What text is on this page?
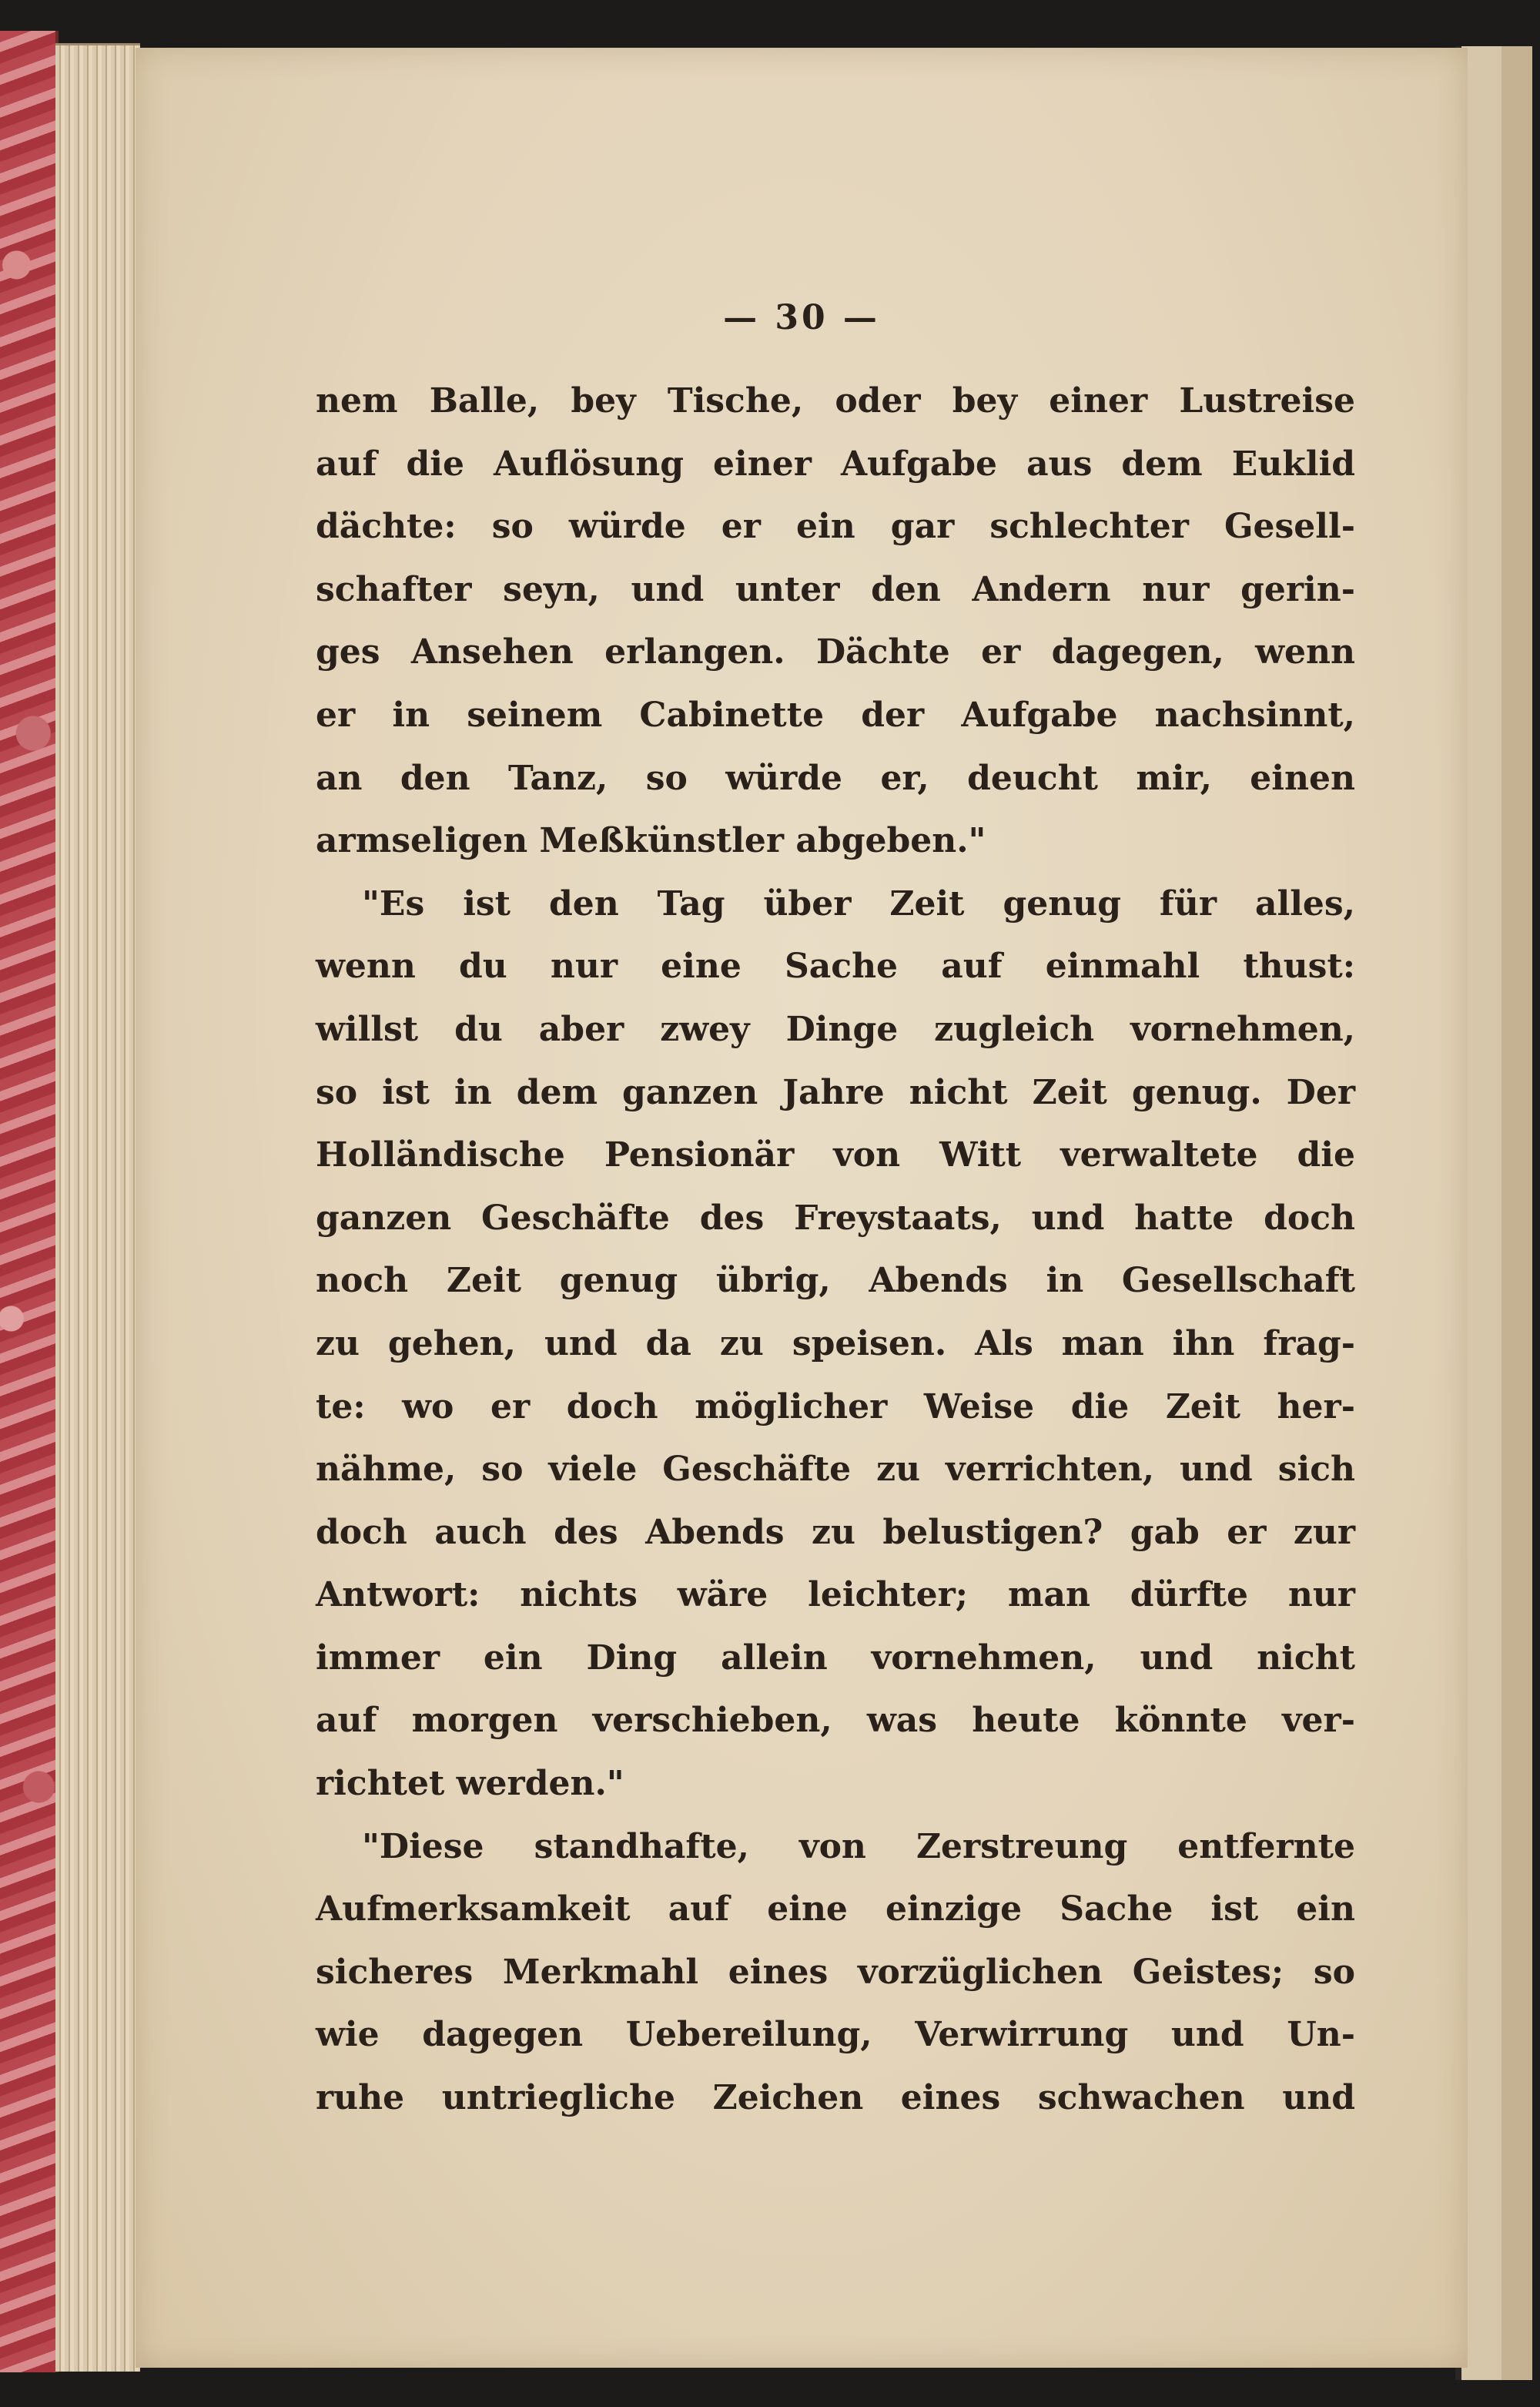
— 30 —
nem Balle, bey Tische, oder bey einer Lustreise
auf die Auflösung einer Aufgabe aus dem Euklid
dächte: so würde er ein gar schlechter Gesell-
schafter seyn, und unter den Andern nur gerin-
ges Ansehen erlangen. Dächte er dagegen, wenn
er in seinem Cabinette der Aufgabe nachsinnt,
an den Tanz, so würde er, deucht mir, einen
armseligen Meßkünstler abgeben."
"Es ist den Tag über Zeit genug für alles,
wenn du nur eine Sache auf einmahl thust:
willst du aber zwey Dinge zugleich vornehmen,
so ist in dem ganzen Jahre nicht Zeit genug. Der
Holländische Pensionär von Witt verwaltete die
ganzen Geschäfte des Freystaats, und hatte doch
noch Zeit genug übrig, Abends in Gesellschaft
zu gehen, und da zu speisen. Als man ihn frag-
te: wo er doch möglicher Weise die Zeit her-
nähme, so viele Geschäfte zu verrichten, und sich
doch auch des Abends zu belustigen? gab er zur
Antwort: nichts wäre leichter; man dürfte nur
immer ein Ding allein vornehmen, und nicht
auf morgen verschieben, was heute könnte ver-
richtet werden."
"Diese standhafte, von Zerstreung entfernte
Aufmerksamkeit auf eine einzige Sache ist ein
sicheres Merkmahl eines vorzüglichen Geistes; so
wie dagegen Uebereilung, Verwirrung und Un-
ruhe untriegliche Zeichen eines schwachen und
